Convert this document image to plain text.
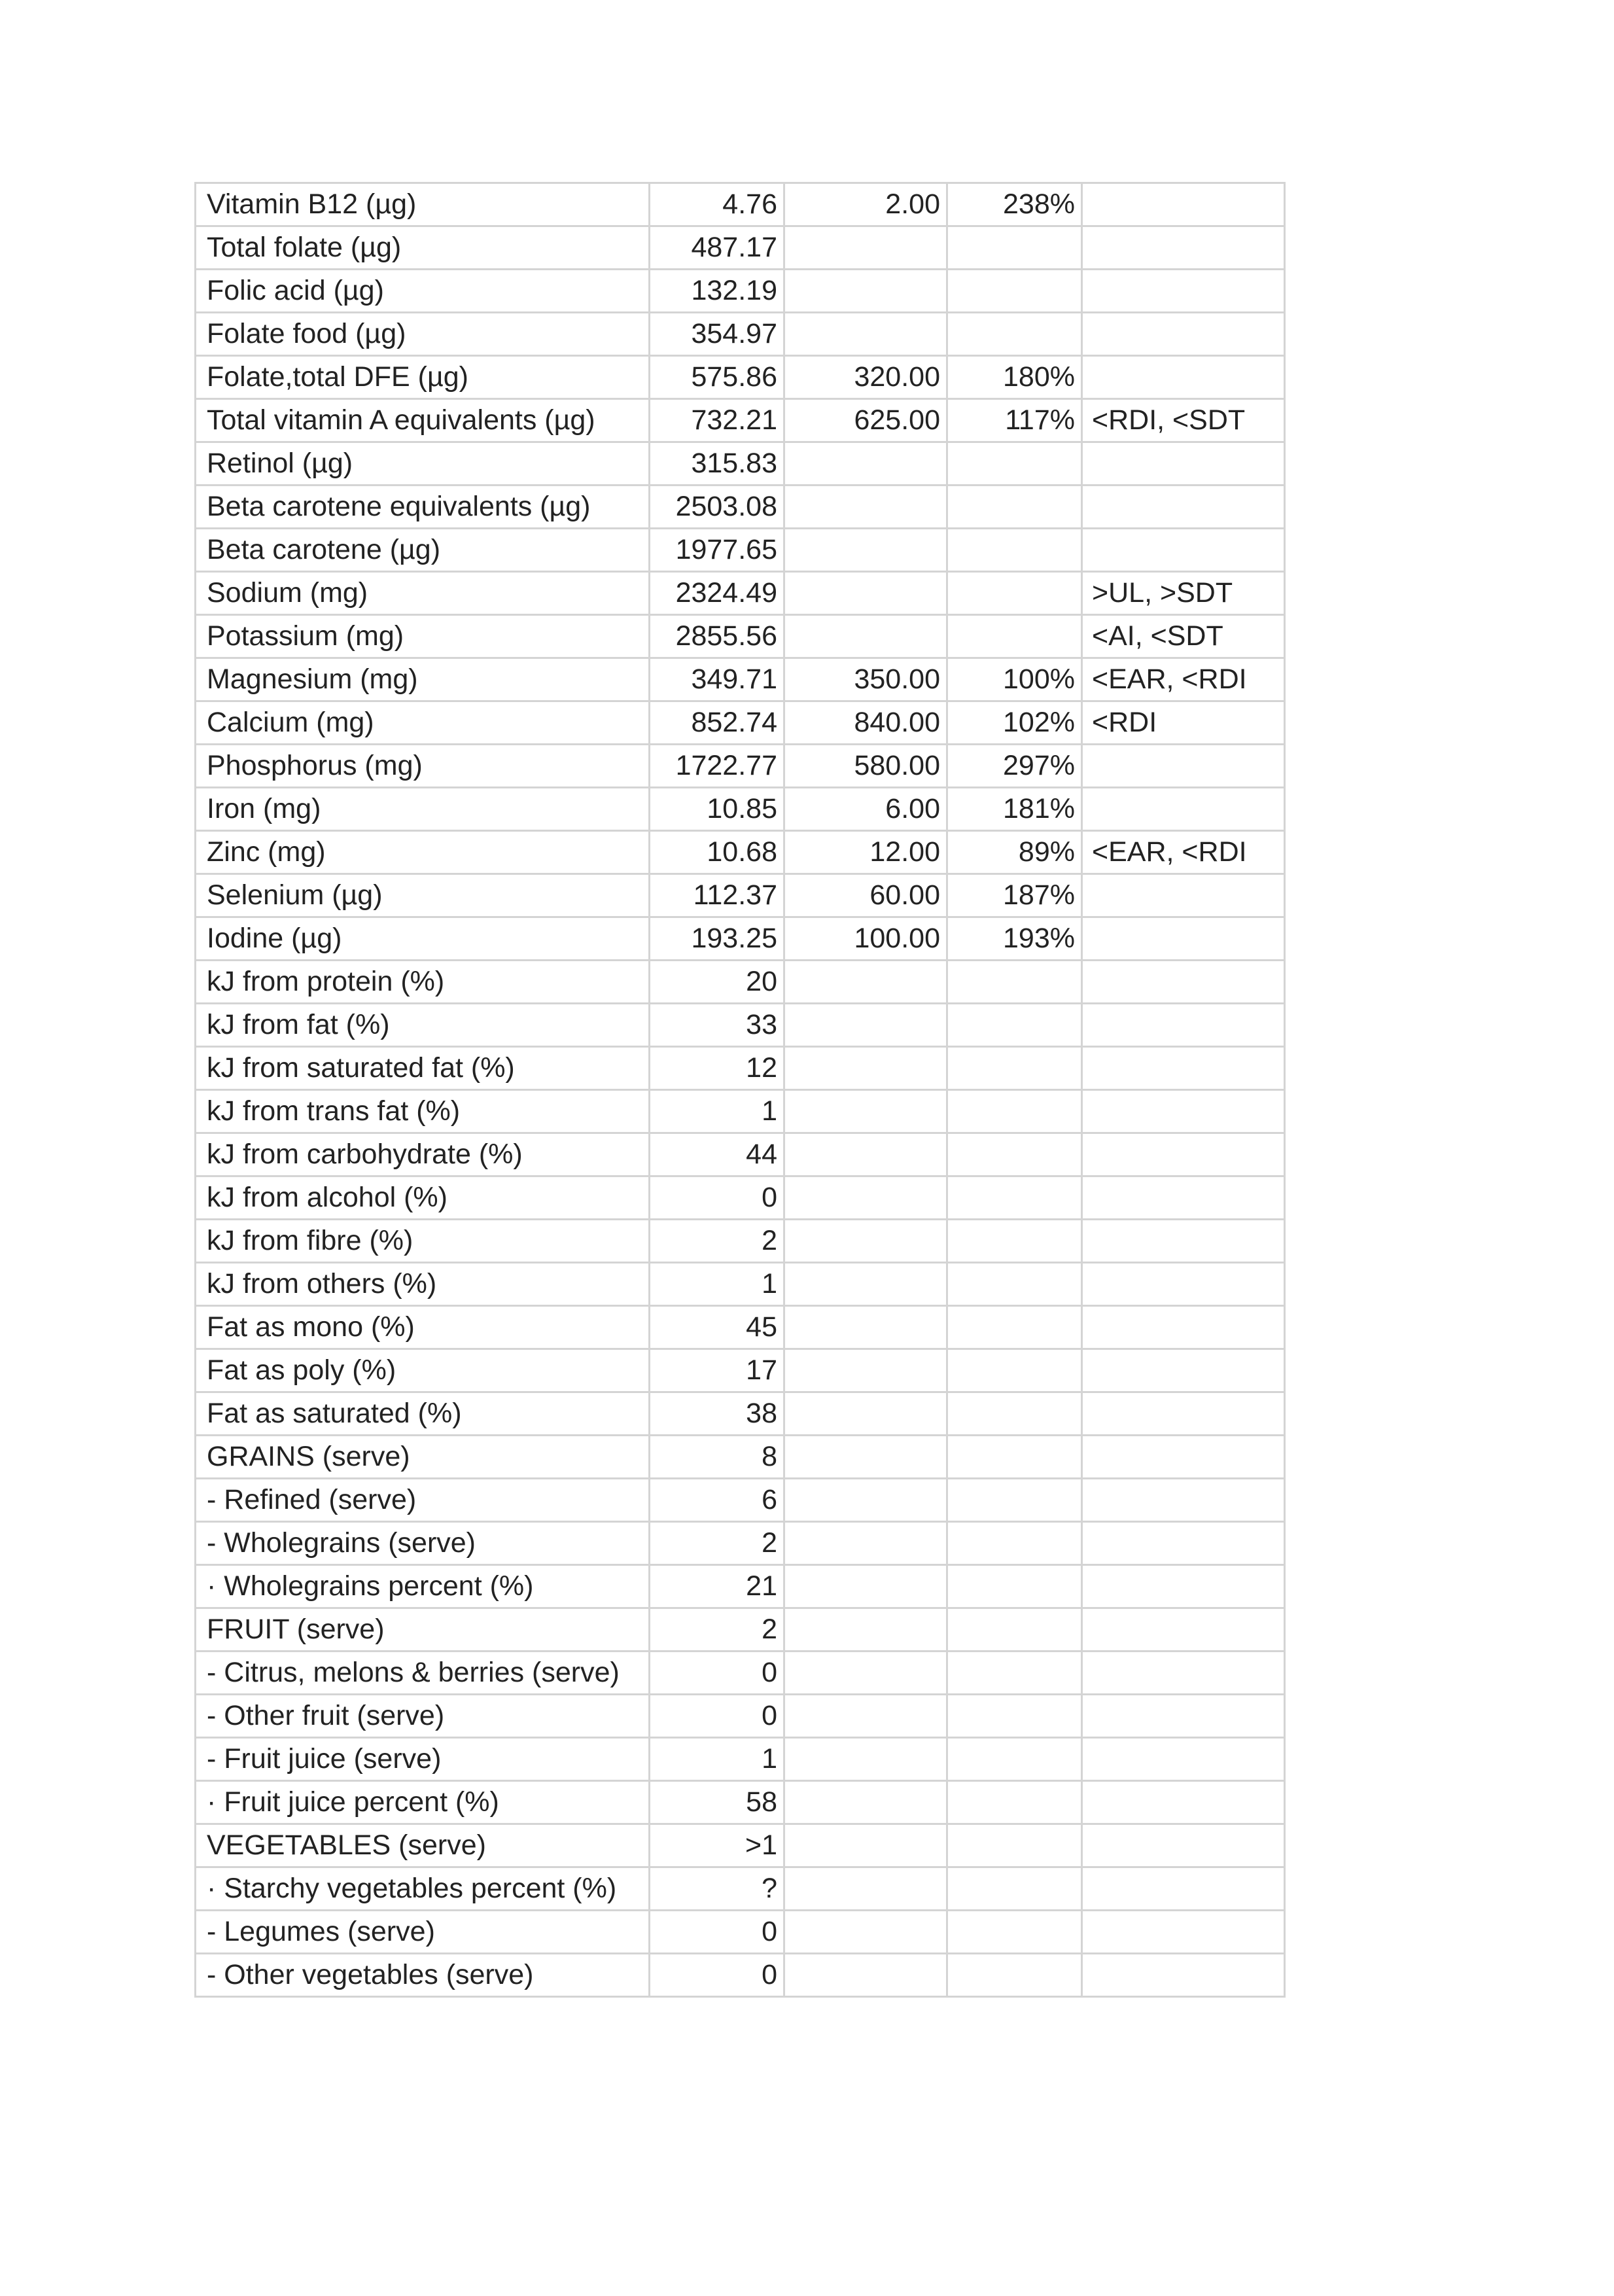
Vitamin B12 (µg)	4.76	2.00	238%	
Total folate (µg)	487.17			
Folic acid (µg)	132.19			
Folate food (µg)	354.97			
Folate,total DFE (µg)	575.86	320.00	180%	
Total vitamin A equivalents (µg)	732.21	625.00	117%	<RDI, <SDT
Retinol (µg)	315.83			
Beta carotene equivalents (µg)	2503.08			
Beta carotene (µg)	1977.65			
Sodium (mg)	2324.49			>UL, >SDT
Potassium (mg)	2855.56			<AI, <SDT
Magnesium (mg)	349.71	350.00	100%	<EAR, <RDI
Calcium (mg)	852.74	840.00	102%	<RDI
Phosphorus (mg)	1722.77	580.00	297%	
Iron (mg)	10.85	6.00	181%	
Zinc (mg)	10.68	12.00	89%	<EAR, <RDI
Selenium (µg)	112.37	60.00	187%	
Iodine (µg)	193.25	100.00	193%	
kJ from protein (%)	20			
kJ from fat (%)	33			
kJ from saturated fat (%)	12			
kJ from trans fat (%)	1			
kJ from carbohydrate (%)	44			
kJ from alcohol (%)	0			
kJ from fibre (%)	2			
kJ from others (%)	1			
Fat as mono (%)	45			
Fat as poly (%)	17			
Fat as saturated (%)	38			
GRAINS (serve)	8			
- Refined (serve)	6			
- Wholegrains (serve)	2			
· Wholegrains percent (%)	21			
FRUIT (serve)	2			
- Citrus, melons & berries (serve)	0			
- Other fruit (serve)	0			
- Fruit juice (serve)	1			
· Fruit juice percent (%)	58			
VEGETABLES (serve)	>1			
· Starchy vegetables percent (%)	?			
- Legumes (serve)	0			
- Other vegetables (serve)	0			
